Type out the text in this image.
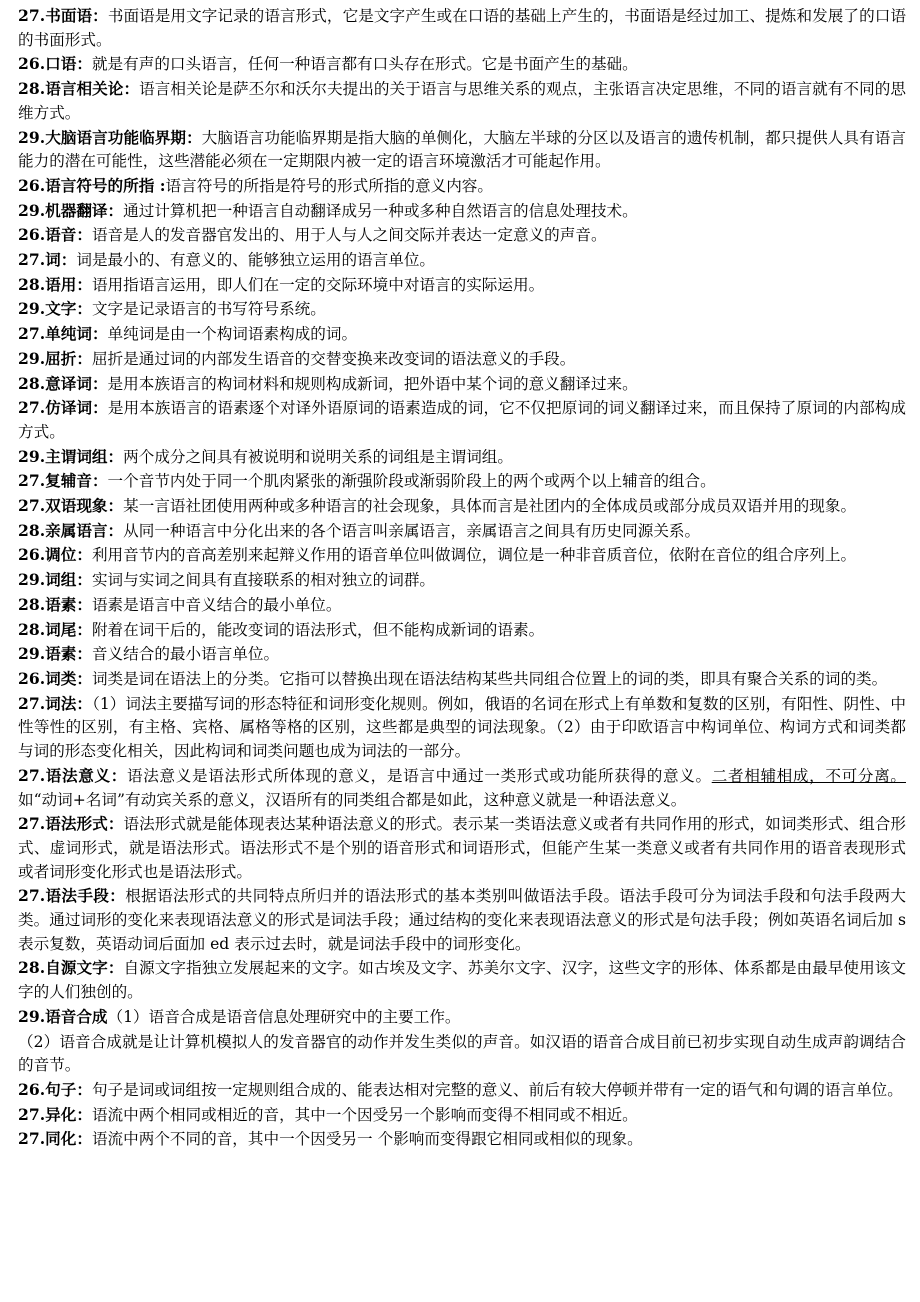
27.书面语：书面语是用文字记录的语言形式，它是文字产生或在口语的基础上产生的，书面语是经过加工、提炼和发展了的口语的书面形式。

26.口语：就是有声的口头语言，任何一种语言都有口头存在形式。它是书面产生的基础。

28.语言相关论：语言相关论是萨丕尔和沃尔夫提出的关于语言与思维关系的观点，主张语言决定思维，不同的语言就有不同的思维方式。

29.大脑语言功能临界期：大脑语言功能临界期是指大脑的单侧化，大脑左半球的分区以及语言的遗传机制，都只提供人具有语言能力的潜在可能性，这些潜能必须在一定期限内被一定的语言环境激活才可能起作用。

26.语言符号的所指 :语言符号的所指是符号的形式所指的意义内容。

29.机器翻译：通过计算机把一种语言自动翻译成另一种或多种自然语言的信息处理技术。

26.语音：语音是人的发音器官发出的、用于人与人之间交际并表达一定意义的声音。

27.词：词是最小的、有意义的、能够独立运用的语言单位。

28.语用：语用指语言运用，即人们在一定的交际环境中对语言的实际运用。

29.文字：文字是记录语言的书写符号系统。

27.单纯词：单纯词是由一个构词语素构成的词。

29.屈折：屈折是通过词的内部发生语音的交替变换来改变词的语法意义的手段。

28.意译词：是用本族语言的构词材料和规则构成新词，把外语中某个词的意义翻译过来。

27.仿译词：是用本族语言的语素逐个对译外语原词的语素造成的词，它不仅把原词的词义翻译过来，而且保持了原词的内部构成方式。

29.主谓词组：两个成分之间具有被说明和说明关系的词组是主谓词组。

27.复辅音：一个音节内处于同一个肌肉紧张的渐强阶段或渐弱阶段上的两个或两个以上辅音的组合。

27.双语现象：某一言语社团使用两种或多种语言的社会现象，具体而言是社团内的全体成员或部分成员双语并用的现象。

28.亲属语言：从同一种语言中分化出来的各个语言叫亲属语言，亲属语言之间具有历史同源关系。

26.调位：利用音节内的音高差别来起辩义作用的语音单位叫做调位，调位是一种非音质音位，依附在音位的组合序列上。

29.词组：实词与实词之间具有直接联系的相对独立的词群。

28.语素：语素是语言中音义结合的最小单位。

28.词尾：附着在词干后的，能改变词的语法形式，但不能构成新词的语素。

29.语素：音义结合的最小语言单位。

26.词类：词类是词在语法上的分类。它指可以替换出现在语法结构某些共同组合位置上的词的类，即具有聚合关系的词的类。

27.词法：（1）词法主要描写词的形态特征和词形变化规则。例如，俄语的名词在形式上有单数和复数的区别，有阳性、阴性、中性等性的区别，有主格、宾格、属格等格的区别，这些都是典型的词法现象。（2）由于印欧语言中构词单位、构词方式和词类都与词的形态变化相关，因此构词和词类问题也成为词法的一部分。

27.语法意义：语法意义是语法形式所体现的意义，是语言中通过一类形式或功能所获得的意义。二者相辅相成，不可分离。如“动词+名词”有动宾关系的意义，汉语所有的同类组合都是如此，这种意义就是一种语法意义。

27.语法形式：语法形式就是能体现表达某种语法意义的形式。表示某一类语法意义或者有共同作用的形式，如词类形式、组合形式、虚词形式，就是语法形式。语法形式不是个别的语音形式和词语形式，但能产生某一类意义或者有共同作用的语音表现形式或者词形变化形式也是语法形式。

27.语法手段：根据语法形式的共同特点所归并的语法形式的基本类别叫做语法手段。语法手段可分为词法手段和句法手段两大类。通过词形的变化来表现语法意义的形式是词法手段；通过结构的变化来表现语法意义的形式是句法手段；例如英语名词后加 s 表示复数，英语动词后面加 ed 表示过去时，就是词法手段中的词形变化。

28.自源文字：自源文字指独立发展起来的文字。如古埃及文字、苏美尔文字、汉字，这些文字的形体、体系都是由最早使用该文字的人们独创的。

29.语音合成（1）语音合成是语音信息处理研究中的主要工作。

（2）语音合成就是让计算机模拟人的发音器官的动作并发生类似的声音。如汉语的语音合成目前已初步实现自动生成声韵调结合的音节。

26.句子：句子是词或词组按一定规则组合成的、能表达相对完整的意义、前后有较大停顿并带有一定的语气和句调的语言单位。

27.异化：语流中两个相同或相近的音，其中一个因受另一个影响而变得不相同或不相近。

27.同化：语流中两个不同的音，其中一个因受另一 个影响而变得跟它相同或相似的现象。
